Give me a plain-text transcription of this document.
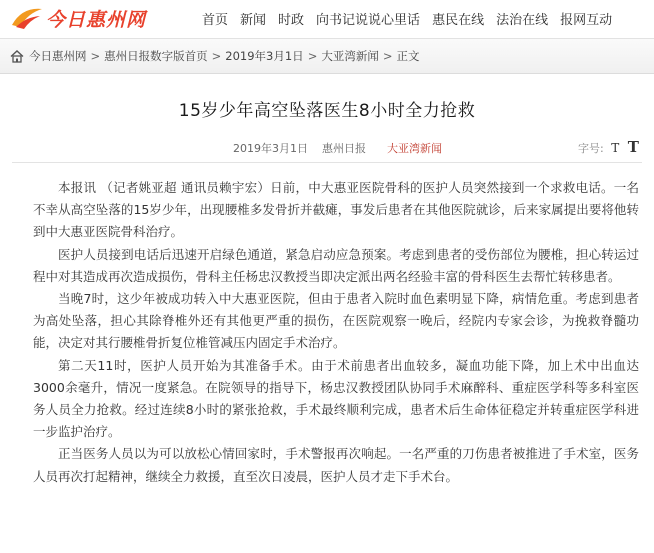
今日惠州网	首页 新闻 时政 向书记说说心里话 惠民在线 法治在线 报网互动
今日惠州网 > 惠州日报数字版首页 > 2019年3月1日 > 大亚湾新闻 > 正文
15岁少年高空坠落医生8小时全力抢救
2019年3月1日 惠州日报 大亚湾新闻	字号: T T

本报讯 （记者姚亚超 通讯员赖宇宏）日前，中大惠亚医院骨科的医护人员突然接到一个求救电话。一名不幸从高空坠落的15岁少年，出现腰椎多发骨折并截瘫，事发后患者在其他医院就诊，后来家属提出要将他转到中大惠亚医院骨科治疗。

医护人员接到电话后迅速开启绿色通道，紧急启动应急预案。考虑到患者的受伤部位为腰椎，担心转运过程中对其造成再次造成损伤，骨科主任杨忠汉教授当即决定派出两名经验丰富的骨科医生去帮忙转移患者。

当晚7时，这少年被成功转入中大惠亚医院，但由于患者入院时血色素明显下降，病情危重。考虑到患者为高处坠落，担心其除脊椎外还有其他更严重的损伤，在医院观察一晚后，经院内专家会诊，为挽救脊髓功能，决定对其行腰椎骨折复位椎管减压内固定手术治疗。

第二天11时，医护人员开始为其准备手术。由于术前患者出血较多，凝血功能下降，加上术中出血达3000余毫升，情况一度紧急。在院领导的指导下，杨忠汉教授团队协同手术麻醉科、重症医学科等多科室医务人员全力抢救。经过连续8小时的紧张抢救，手术最终顺利完成，患者术后生命体征稳定并转重症医学科进一步监护治疗。

正当医务人员以为可以放松心情回家时，手术警报再次响起。一名严重的刀伤患者被推进了手术室，医务人员再次打起精神，继续全力救援，直至次日凌晨，医护人员才走下手术台。
